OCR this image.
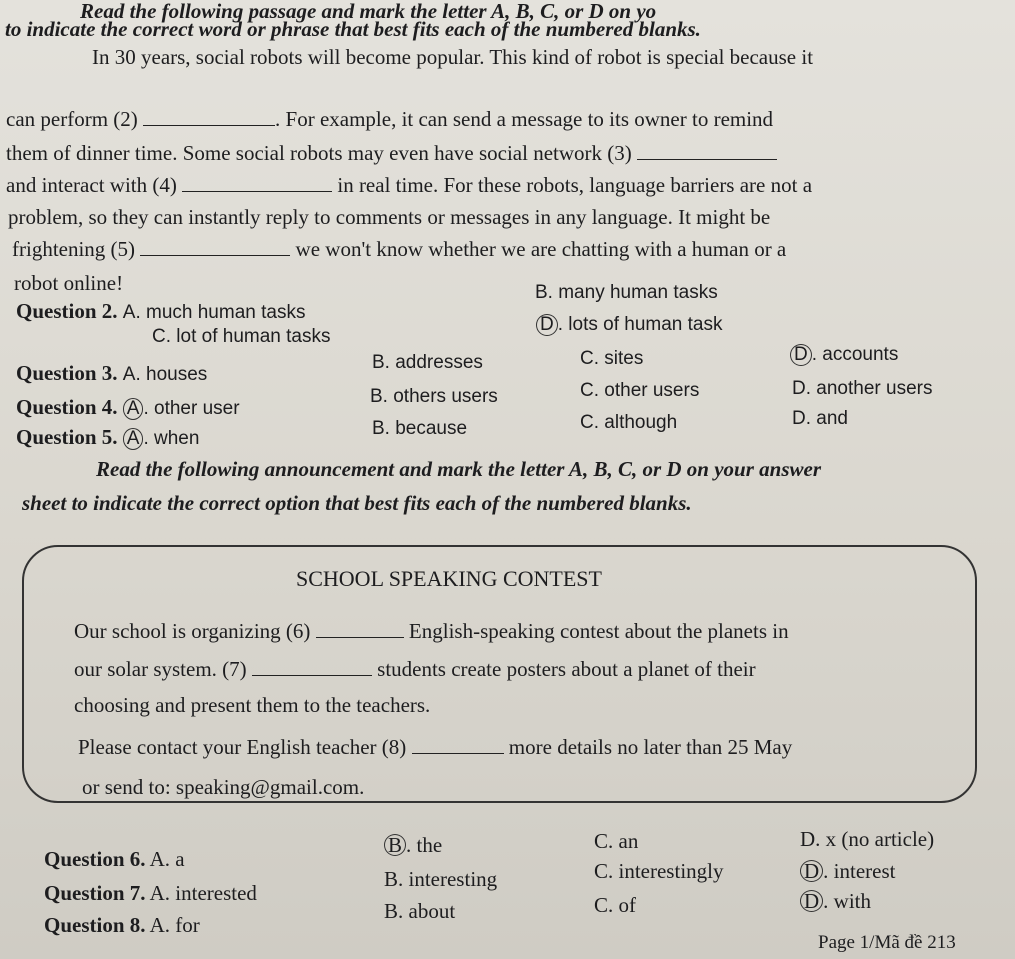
Read the following passage and mark the letter A, B, C, or D on yo
to indicate the correct word or phrase that best fits each of the numbered blanks.
In 30 years, social robots will become popular. This kind of robot is special because it
can perform (2)	. For example, it can send a message to its owner to remind
them of dinner time. Some social robots may even have social network (3)
and interact with (4)	in real time. For these robots, language barriers are not a
problem, so they can instantly reply to comments or messages in any language. It might be
frightening (5)	we won't know whether we are chatting with a human or a
robot online!
Question 2. A. much human tasks
B. many human tasks
C. lot of human tasks
D . lots of human task
Question 3. A. houses
B. addresses	C. sites	D . accounts
Question 4. A . other user
B. others users	C. other users	D. another users
Question 5. A . when	B. because	C. although	D. and
Read the following announcement and mark the letter A, B, C, or D on your answer
sheet to indicate the correct option that best fits each of the numbered blanks.
SCHOOL SPEAKING CONTEST
Our school is organizing (6)	English-speaking contest about the planets in
our solar system. (7)	students create posters about a planet of their
choosing and present them to the teachers.
Please contact your English teacher (8)	more details no later than 25 May
or send to: speaking@gmail.com.
Question 6. A. a
B . the	C. an	D. x (no article)
Question 7. A. interested
B. interesting	C. interestingly	D . interest
Question 8. A. for
B. about	C. of	D . with
Page 1/Mã đề 213
